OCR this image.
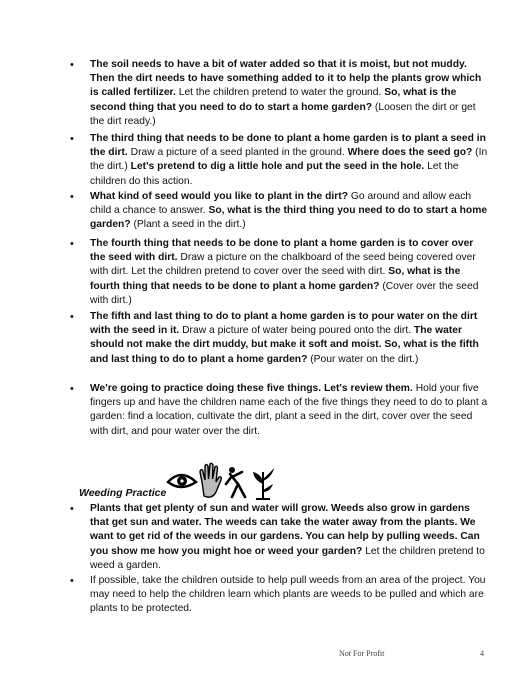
• The soil needs to have a bit of water added so that it is moist, but not muddy. Then the dirt needs to have something added to it to help the plants grow which is called fertilizer. Let the children pretend to water the ground. So, what is the second thing that you need to do to start a home garden? (Loosen the dirt or get the dirt ready.)
• The third thing that needs to be done to plant a home garden is to plant a seed in the dirt. Draw a picture of a seed planted in the ground. Where does the seed go? (In the dirt.) Let's pretend to dig a little hole and put the seed in the hole. Let the children do this action.
• What kind of seed would you like to plant in the dirt? Go around and allow each child a chance to answer. So, what is the third thing you need to do to start a home garden? (Plant a seed in the dirt.)
• The fourth thing that needs to be done to plant a home garden is to cover over the seed with dirt. Draw a picture on the chalkboard of the seed being covered over with dirt. Let the children pretend to cover over the seed with dirt. So, what is the fourth thing that needs to be done to plant a home garden? (Cover over the seed with dirt.)
• The fifth and last thing to do to plant a home garden is to pour water on the dirt with the seed in it. Draw a picture of water being poured onto the dirt. The water should not make the dirt muddy, but make it soft and moist. So, what is the fifth and last thing to do to plant a home garden? (Pour water on the dirt.)
• We're going to practice doing these five things. Let's review them. Hold your five fingers up and have the children name each of the five things they need to do to plant a garden: find a location, cultivate the dirt, plant a seed in the dirt, cover over the seed with dirt, and pour water over the dirt.
Weeding Practice
• Plants that get plenty of sun and water will grow. Weeds also grow in gardens that get sun and water. The weeds can take the water away from the plants. We want to get rid of the weeds in our gardens. You can help by pulling weeds. Can you show me how you might hoe or weed your garden? Let the children pretend to weed a garden.
• If possible, take the children outside to help pull weeds from an area of the project. You may need to help the children learn which plants are weeds to be pulled and which are plants to be protected.
Not For Profit	4
